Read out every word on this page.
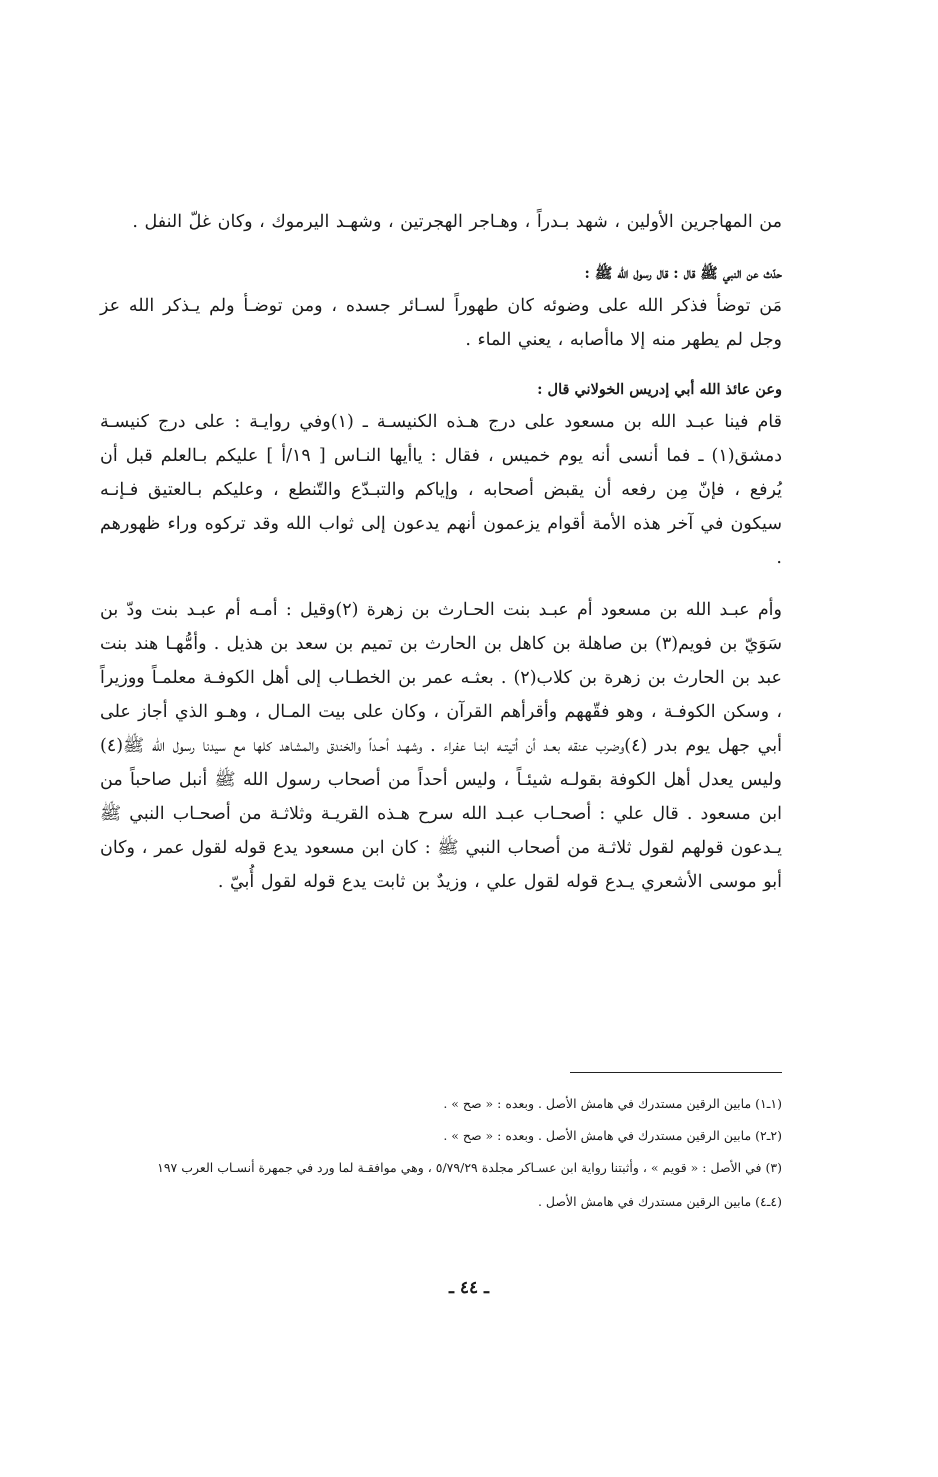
من المهاجرين الأولين ، شهد بـدراً ، وهـاجر الهجرتين ، وشهـد اليرموك ، وكان غلّ النفل .

حدّث عن النبي ﷺ قال : قال رسول الله ﷺ :

مَن توضأ فذكر الله على وضوئه كان طهوراً لسـائر جسده ، ومن توضـأ ولم يـذكر الله عز وجل لم يطهر منه إلا ماأصابه ، يعني الماء .

وعن عائذ الله أبي إدريس الخولاني قال :

قام فينا عبـد الله بن مسعود على درج هـذه الكنيسـة ـ (١)وفي روايـة : على درج كنيسـة دمشق(١) ـ فما أنسى أنه يوم خميس ، فقال : ياأيها النـاس [ ١٩/أ ] عليكم بـالعلم قبل أن يُرفع ، فإنّ مِن رفعه أن يقبض أصحابه ، وإياكم والتبـدّع والتّنطع ، وعليكم بـالعتيق فـإنـه سيكون في آخر هذه الأمة أقوام يزعمون أنهم يدعون إلى ثواب الله وقد تركوه وراء ظهورهم .

وأم عبـد الله بن مسعود أم عبـد بنت الحـارث بن زهرة (٢)وقيل : أمـه أم عبـد بنت ودّ بن سَوَيّ بن فويم(٣) بن صاهلة بن كاهل بن الحارث بن تميم بن سعد بن هذيل . وأمُّهـا هند بنت عبد بن الحارث بن زهرة بن كلاب(٢) . بعثـه عمر بن الخطـاب إلى أهل الكوفـة معلمـاً ووزيراً ، وسكن الكوفـة ، وهو فقّههم وأقرأهم القرآن ، وكان على بيت المـال ، وهـو الذي أجاز على أبي جهل يوم بدر (٤)وضرب عنقه بعـد أن أتيتـه ابنـا عفراء . وشهـد أحـداً والخندق والمشاهد كلها مع سيدنا رسول الله ﷺ(٤) وليس يعدل أهل الكوفة بقولـه شيئـاً ، وليس أحداً من أصحاب رسول الله ﷺ أنبل صاحباً من ابن مسعود . قال علي : أصحـاب عبـد الله سرح هـذه القريـة وثلاثـة من أصحـاب النبي ﷺ يـدعون قولهم لقول ثلاثـة من أصحاب النبي ﷺ : كان ابن مسعود يدع قوله لقول عمر ، وكان أبو موسى الأشعري يـدع قوله لقول علي ، وزيدٌ بن ثابت يدع قوله لقول أُبيّ .

(١ـ١) مابين الرقين مستدرك في هامش الأصل . وبعده : « صح » .

(٢ـ٢) مابين الرقين مستدرك في هامش الأصل . وبعده : « صح » .

(٣) في الأصل : « قويم » ، وأثبتنا رواية ابن عسـاكر مجلدة ٥/٧٩/٢٩ ، وهي موافقـة لما ورد في جمهرة أنسـاب العرب ١٩٧

(٤ـ٤) مابين الرقين مستدرك في هامش الأصل .

ـ ٤٤ ـ
